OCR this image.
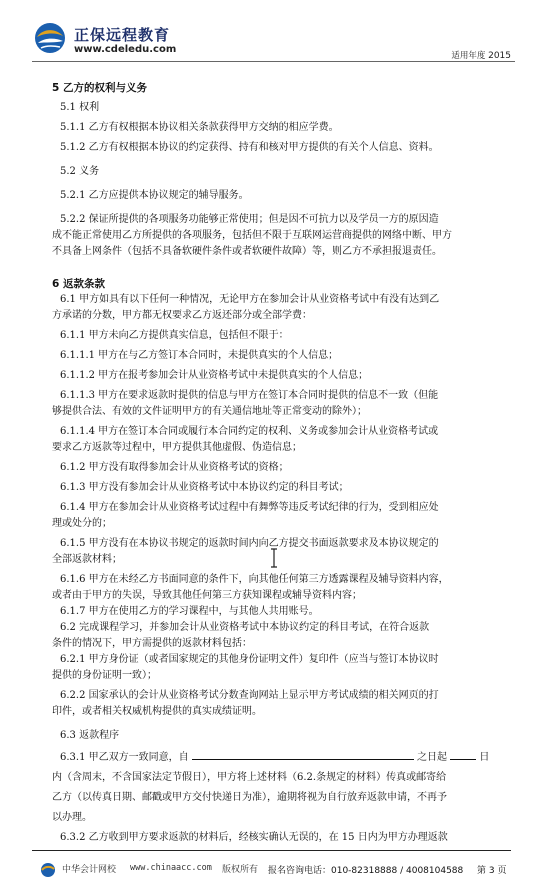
正保远程教育
www.cdeledu.com
适用年度 2015
5 乙方的权利与义务
5.1 权利
5.1.1 乙方有权根据本协议相关条款获得甲方交纳的相应学费。
5.1.2 乙方有权根据本协议的约定获得、持有和核对甲方提供的有关个人信息、资料。
5.2 义务
5.2.1 乙方应提供本协议规定的辅导服务。
5.2.2 保证所提供的各项服务功能够正常使用；但是因不可抗力以及学员一方的原因造
成不能正常使用乙方所提供的各项服务，包括但不限于互联网运营商提供的网络中断、甲方
不具备上网条件（包括不具备软硬件条件或者软硬件故障）等，则乙方不承担报退责任。
6 返款条款
6.1 甲方如具有以下任何一种情况，无论甲方在参加会计从业资格考试中有没有达到乙
方承诺的分数，甲方都无权要求乙方返还部分或全部学费：
6.1.1 甲方未向乙方提供真实信息，包括但不限于：
6.1.1.1 甲方在与乙方签订本合同时，未提供真实的个人信息；
6.1.1.2 甲方在报考参加会计从业资格考试中未提供真实的个人信息；
6.1.1.3 甲方在要求返款时提供的信息与甲方在签订本合同时提供的信息不一致（但能
够提供合法、有效的文件证明甲方的有关通信地址等正常变动的除外）；
6.1.1.4 甲方在签订本合同或履行本合同约定的权利、义务或参加会计从业资格考试或
要求乙方返款等过程中，甲方提供其他虚假、伪造信息；
6.1.2 甲方没有取得参加会计从业资格考试的资格；
6.1.3 甲方没有参加会计从业资格考试中本协议约定的科目考试；
6.1.4 甲方在参加会计从业资格考试过程中有舞弊等违反考试纪律的行为，受到相应处
理或处分的；
6.1.5 甲方没有在本协议书规定的返款时间内向乙方提交书面返款要求及本协议规定的
全部返款材料；
6.1.6 甲方在未经乙方书面同意的条件下，向其他任何第三方透露课程及辅导资料内容，
或者由于甲方的失误，导致其他任何第三方获知课程或辅导资料内容；
6.1.7 甲方在使用乙方的学习课程中，与其他人共用账号。
6.2 完成课程学习，并参加会计从业资格考试中本协议约定的科目考试，在符合返款
条件的情况下，甲方需提供的返款材料包括：
6.2.1 甲方身份证（或者国家规定的其他身份证明文件）复印件（应当与签订本协议时
提供的身份证明一致）；
6.2.2 国家承认的会计从业资格考试分数查询网站上显示甲方考试成绩的相关网页的打
印件，或者相关权威机构提供的真实成绩证明。
6.3 返款程序
6.3.1 甲乙双方一致同意，自	之日起	日
内（含周末，不含国家法定节假日），甲方将上述材料（6.2.条规定的材料）传真或邮寄给
乙方（以传真日期、邮戳或甲方交付快递日为准），逾期将视为自行放弃返款申请，不再予
以办理。
6.3.2 乙方收到甲方要求返款的材料后，经核实确认无误的，在 15 日内为甲方办理返款
中华会计网校 www.chinaacc.com 版权所有 报名咨询电话：010-82318888 / 4008104588 第 3 页
